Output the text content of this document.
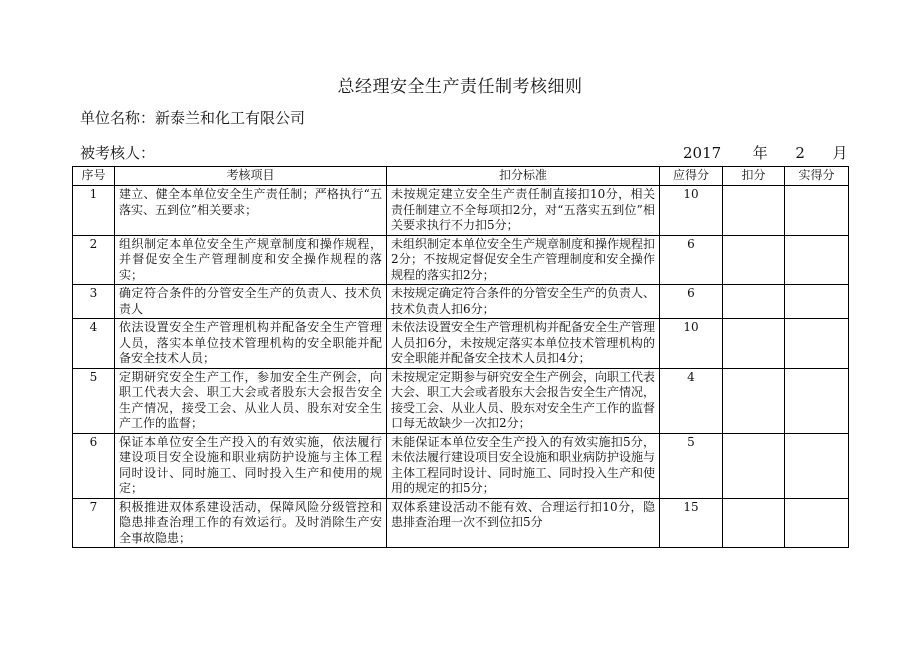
总经理安全生产责任制考核细则
单位名称：新泰兰和化工有限公司
被考核人：	2017 年 2 月
序号	考核项目	扣分标准	应得分	扣分	实得分
1	建立、健全本单位安全生产责任制；严格执行“五落实、五到位”相关要求；	未按规定建立安全生产责任制直接扣10分，相关责任制建立不全每项扣2分，对“五落实五到位”相关要求执行不力扣5分；	10		
2	组织制定本单位安全生产规章制度和操作规程，并督促安全生产管理制度和安全操作规程的落实；	未组织制定本单位安全生产规章制度和操作规程扣2分；不按规定督促安全生产管理制度和安全操作规程的落实扣2分；	6		
3	确定符合条件的分管安全生产的负责人、技术负责人	未按规定确定符合条件的分管安全生产的负责人、技术负责人扣6分；	6		
4	依法设置安全生产管理机构并配备安全生产管理人员，落实本单位技术管理机构的安全职能并配备安全技术人员；	未依法设置安全生产管理机构并配备安全生产管理人员扣6分，未按规定落实本单位技术管理机构的安全职能并配备安全技术人员扣4分；	10		
5	定期研究安全生产工作，参加安全生产例会，向职工代表大会、职工大会或者股东大会报告安全生产情况，接受工会、从业人员、股东对安全生产工作的监督；	未按规定定期参与研究安全生产例会，向职工代表大会、职工大会或者股东大会报告安全生产情况，接受工会、从业人员、股东对安全生产工作的监督口每无故缺少一次扣2分；	4		
6	保证本单位安全生产投入的有效实施，依法履行建设项目安全设施和职业病防护设施与主体工程同时设计、同时施工、同时投入生产和使用的规定；	未能保证本单位安全生产投入的有效实施扣5分，未依法履行建设项目安全设施和职业病防护设施与主体工程同时设计、同时施工、同时投入生产和使用的规定的扣5分；	5		
7	积极推进双体系建设活动，保障风险分级管控和隐患排查治理工作的有效运行。及时消除生产安全事故隐患；	双体系建设活动不能有效、合理运行扣10分，隐患排查治理一次不到位扣5分	15		
